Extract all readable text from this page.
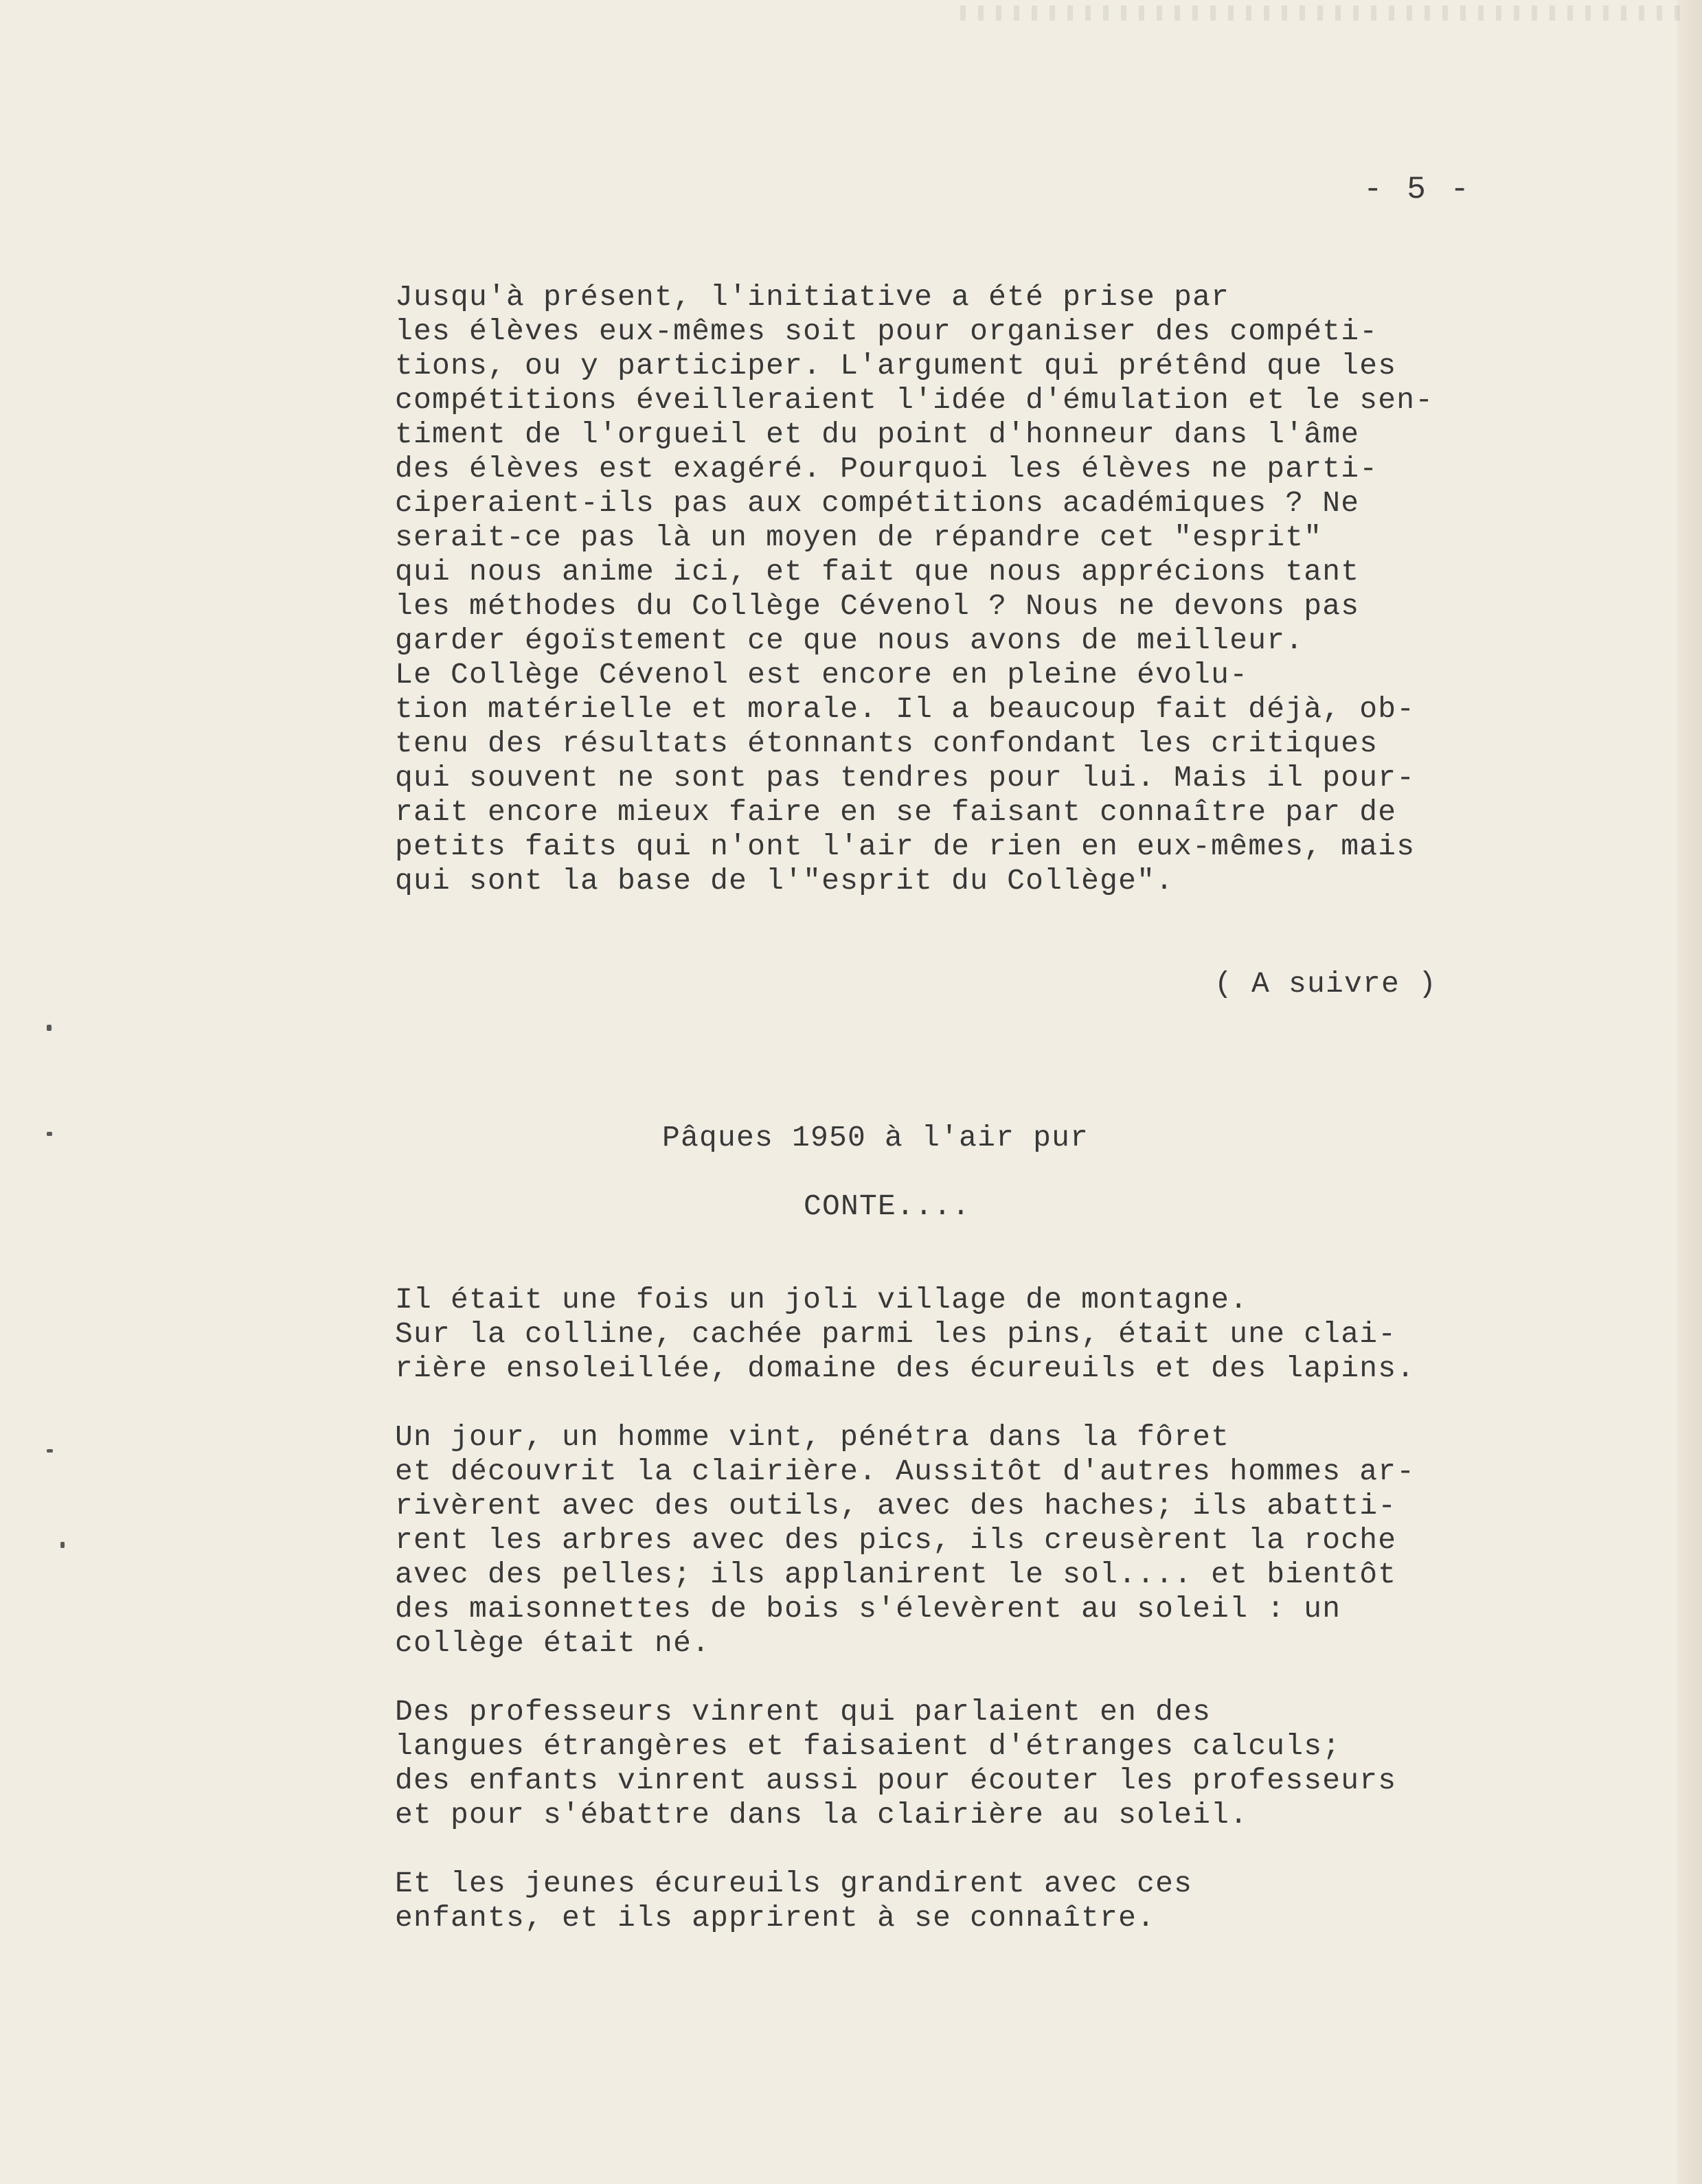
- 5 -
Jusqu'à présent, l'initiative a été prise par
les élèves eux-mêmes soit pour organiser des compéti-
tions, ou y participer. L'argument qui prétênd que les
compétitions éveilleraient l'idée d'émulation et le sen-
timent de l'orgueil et du point d'honneur dans l'âme
des élèves est exagéré. Pourquoi les élèves ne parti-
ciperaient-ils pas aux compétitions académiques ? Ne
serait-ce pas là un moyen de répandre cet "esprit"
qui nous anime ici, et fait que nous apprécions tant
les méthodes du Collège Cévenol ? Nous ne devons pas
garder égoïstement ce que nous avons de meilleur.
Le Collège Cévenol est encore en pleine évolu-
tion matérielle et morale. Il a beaucoup fait déjà, ob-
tenu des résultats étonnants confondant les critiques
qui souvent ne sont pas tendres pour lui. Mais il pour-
rait encore mieux faire en se faisant connaître par de
petits faits qui n'ont l'air de rien en eux-mêmes, mais
qui sont la base de l'"esprit du Collège".
( A suivre )
Pâques 1950 à l'air pur
CONTE....
Il était une fois un joli village de montagne.
Sur la colline, cachée parmi les pins, était une clai-
rière ensoleillée, domaine des écureuils et des lapins.
Un jour, un homme vint, pénétra dans la fôret
et découvrit la clairière. Aussitôt d'autres hommes ar-
rivèrent avec des outils, avec des haches; ils abatti-
rent les arbres avec des pics, ils creusèrent la roche
avec des pelles; ils applanirent le sol.... et bientôt
des maisonnettes de bois s'élevèrent au soleil : un
collège était né.
Des professeurs vinrent qui parlaient en des
langues étrangères et faisaient d'étranges calculs;
des enfants vinrent aussi pour écouter les professeurs
et pour s'ébattre dans la clairière au soleil.
Et les jeunes écureuils grandirent avec ces
enfants, et ils apprirent à se connaître.
